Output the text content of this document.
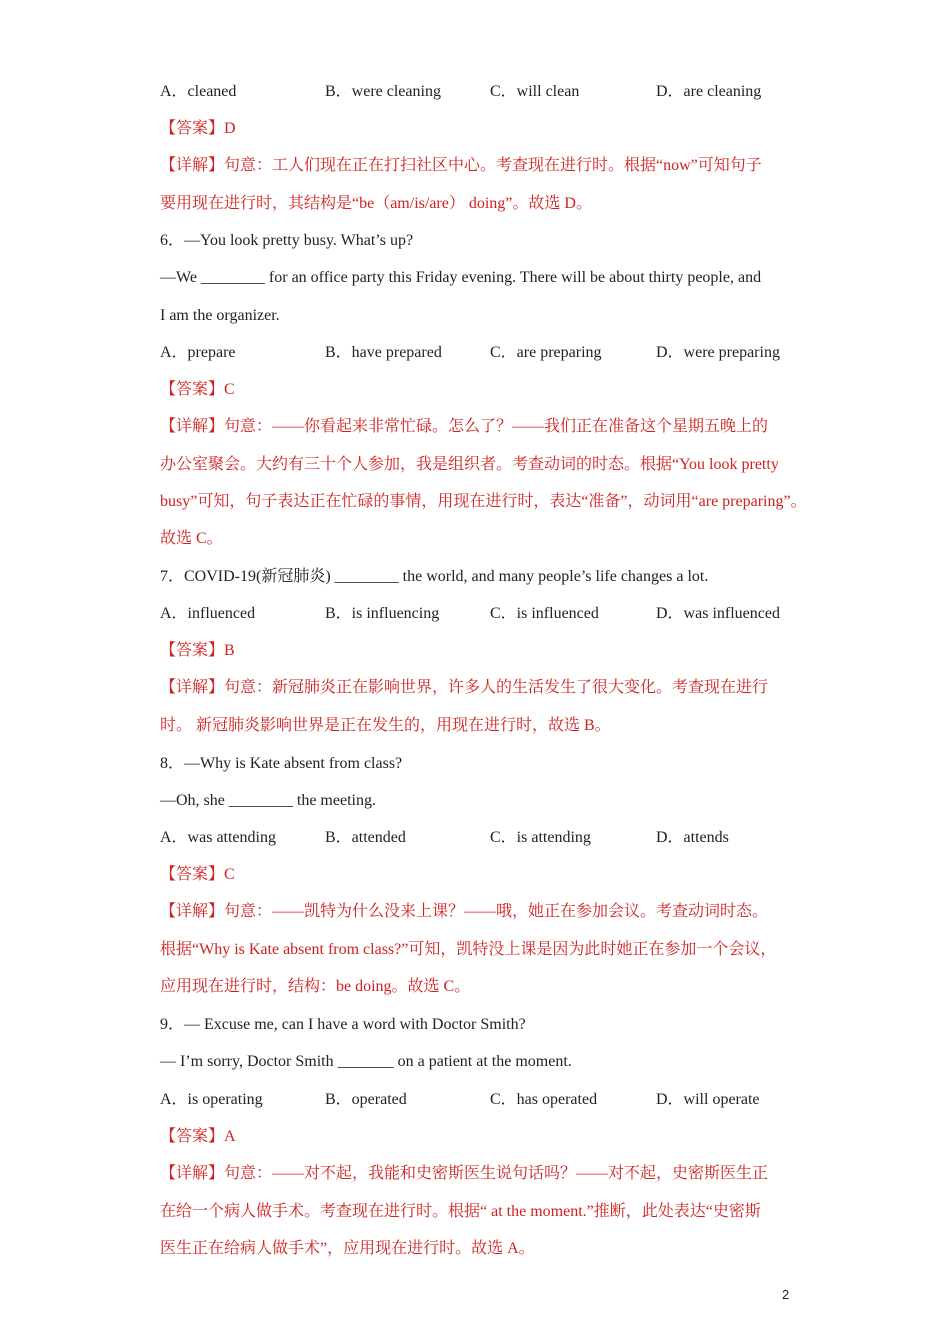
A．cleaned	B．were cleaning	C．will clean	D．are cleaning
【答案】D
【详解】句意：工人们现在正在打扫社区中心。考查现在进行时。根据“now”可知句子
要用现在进行时，其结构是“be（am/is/are） doing”。故选 D。
6．—You look pretty busy. What’s up?
—We ________ for an office party this Friday evening. There will be about thirty people, and
I am the organizer.
A．prepare	B．have prepared	C．are preparing	D．were preparing
【答案】C
【详解】句意：——你看起来非常忙碌。怎么了？——我们正在准备这个星期五晚上的
办公室聚会。大约有三十个人参加，我是组织者。考查动词的时态。根据“You look pretty
busy”可知，句子表达正在忙碌的事情，用现在进行时，表达“准备”，动词用“are preparing”。
故选 C。
7．COVID-19(新冠肺炎) ________ the world, and many people’s life changes a lot.
A．influenced	B．is influencing	C．is influenced	D．was influenced
【答案】B
【详解】句意：新冠肺炎正在影响世界，许多人的生活发生了很大变化。考查现在进行
时。 新冠肺炎影响世界是正在发生的，用现在进行时，故选 B。
8．—Why is Kate absent from class?
—Oh, she ________ the meeting.
A．was attending	B．attended	C．is attending	D．attends
【答案】C
【详解】句意：——凯特为什么没来上课？——哦，她正在参加会议。考查动词时态。
根据“Why is Kate absent from class?”可知，凯特没上课是因为此时她正在参加一个会议，
应用现在进行时，结构：be doing。故选 C。
9．— Excuse me, can I have a word with Doctor Smith?
— I’m sorry, Doctor Smith _______ on a patient at the moment.
A．is operating	B．operated	C．has operated	D．will operate
【答案】A
【详解】句意：——对不起，我能和史密斯医生说句话吗？——对不起，史密斯医生正
在给一个病人做手术。考查现在进行时。根据“ at the moment.”推断，此处表达“史密斯
医生正在给病人做手术”，应用现在进行时。故选 A。
2
